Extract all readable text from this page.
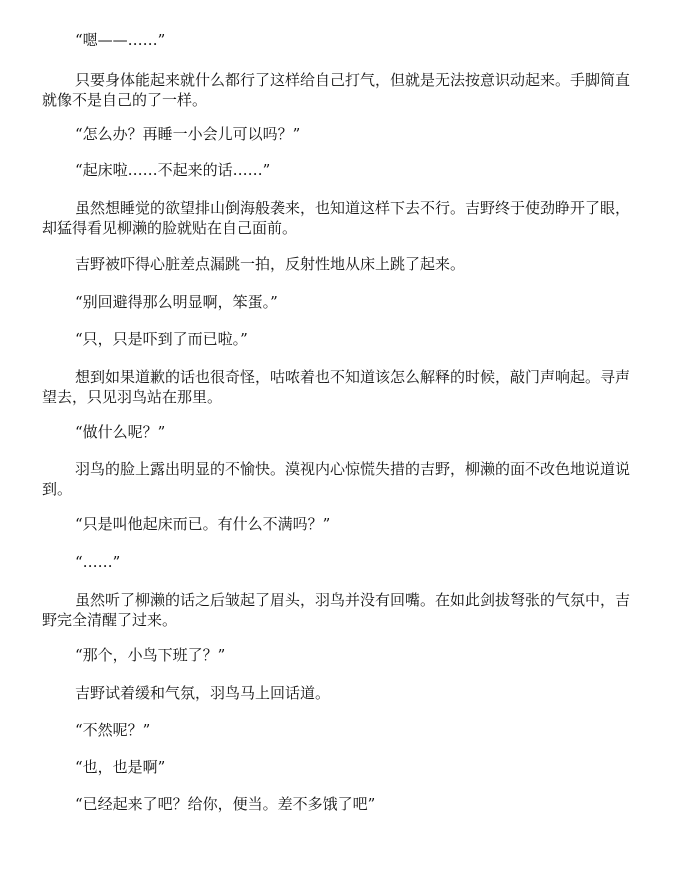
“嗯——……”

只要身体能起来就什么都行了这样给自己打气，但就是无法按意识动起来。手脚简直就像不是自己的了一样。

“怎么办？再睡一小会儿可以吗？”

“起床啦……不起来的话……”

虽然想睡觉的欲望排山倒海般袭来，也知道这样下去不行。吉野终于使劲睁开了眼，却猛得看见柳濑的脸就贴在自己面前。

吉野被吓得心脏差点漏跳一拍，反射性地从床上跳了起来。

“别回避得那么明显啊，笨蛋。”

“只，只是吓到了而已啦。”

想到如果道歉的话也很奇怪，咕哝着也不知道该怎么解释的时候，敲门声响起。寻声望去，只见羽鸟站在那里。

“做什么呢？”

羽鸟的脸上露出明显的不愉快。漠视内心惊慌失措的吉野，柳濑的面不改色地说道说到。

“只是叫他起床而已。有什么不满吗？”

“……”

虽然听了柳濑的话之后皱起了眉头，羽鸟并没有回嘴。在如此剑拔弩张的气氛中，吉野完全清醒了过来。

“那个，小鸟下班了？”

吉野试着缓和气氛，羽鸟马上回话道。

“不然呢？”

“也，也是啊”

“已经起来了吧？给你，便当。差不多饿了吧”
